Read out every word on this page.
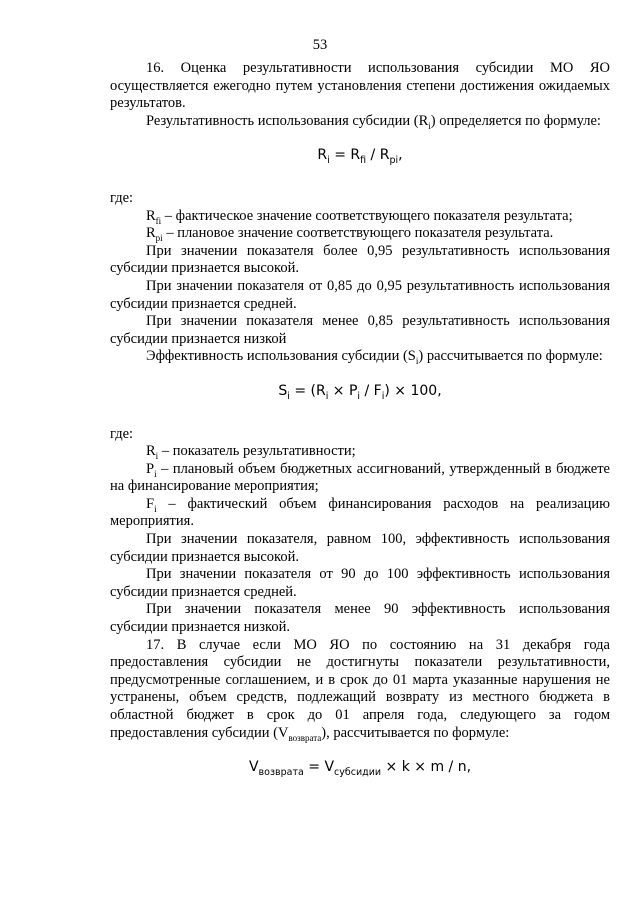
53

16. Оценка результативности использования субсидии МО ЯО осуществляется ежегодно путем установления степени достижения ожидаемых результатов.

Результативность использования субсидии $(R_i)$ определяется по формуле:

$R_i = R_{fi} / R_{pi}$,

где:

$R_{fi}$ – фактическое значение соответствующего показателя результата;

$R_{pi}$ – плановое значение соответствующего показателя результата.

При значении показателя более 0,95 результативность использования субсидии признается высокой.

При значении показателя от 0,85 до 0,95 результативность использования субсидии признается средней.

При значении показателя менее 0,85 результативность использования субсидии признается низкой

Эффективность использования субсидии $(S_i)$ рассчитывается по формуле:

$S_i = (R_i \times P_i / F_i) \times 100$,

где:

$R_i$ – показатель результативности;

$P_i$ – плановый объем бюджетных ассигнований, утвержденный в бюджете на финансирование мероприятия;

$F_i$ – фактический объем финансирования расходов на реализацию мероприятия.

При значении показателя, равном 100, эффективность использования субсидии признается высокой.

При значении показателя от 90 до 100 эффективность использования субсидии признается средней.

При значении показателя менее 90 эффективность использования субсидии признается низкой.

17. В случае если МО ЯО по состоянию на 31 декабря года предоставления субсидии не достигнуты показатели результативности, предусмотренные соглашением, и в срок до 01 марта указанные нарушения не устранены, объем средств, подлежащий возврату из местного бюджета в областной бюджет в срок до 01 апреля года, следующего за годом предоставления субсидии $(V_{возврата})$, рассчитывается по формуле:

$V_{возврата} = V_{субсидии} \times k \times m / n$,
